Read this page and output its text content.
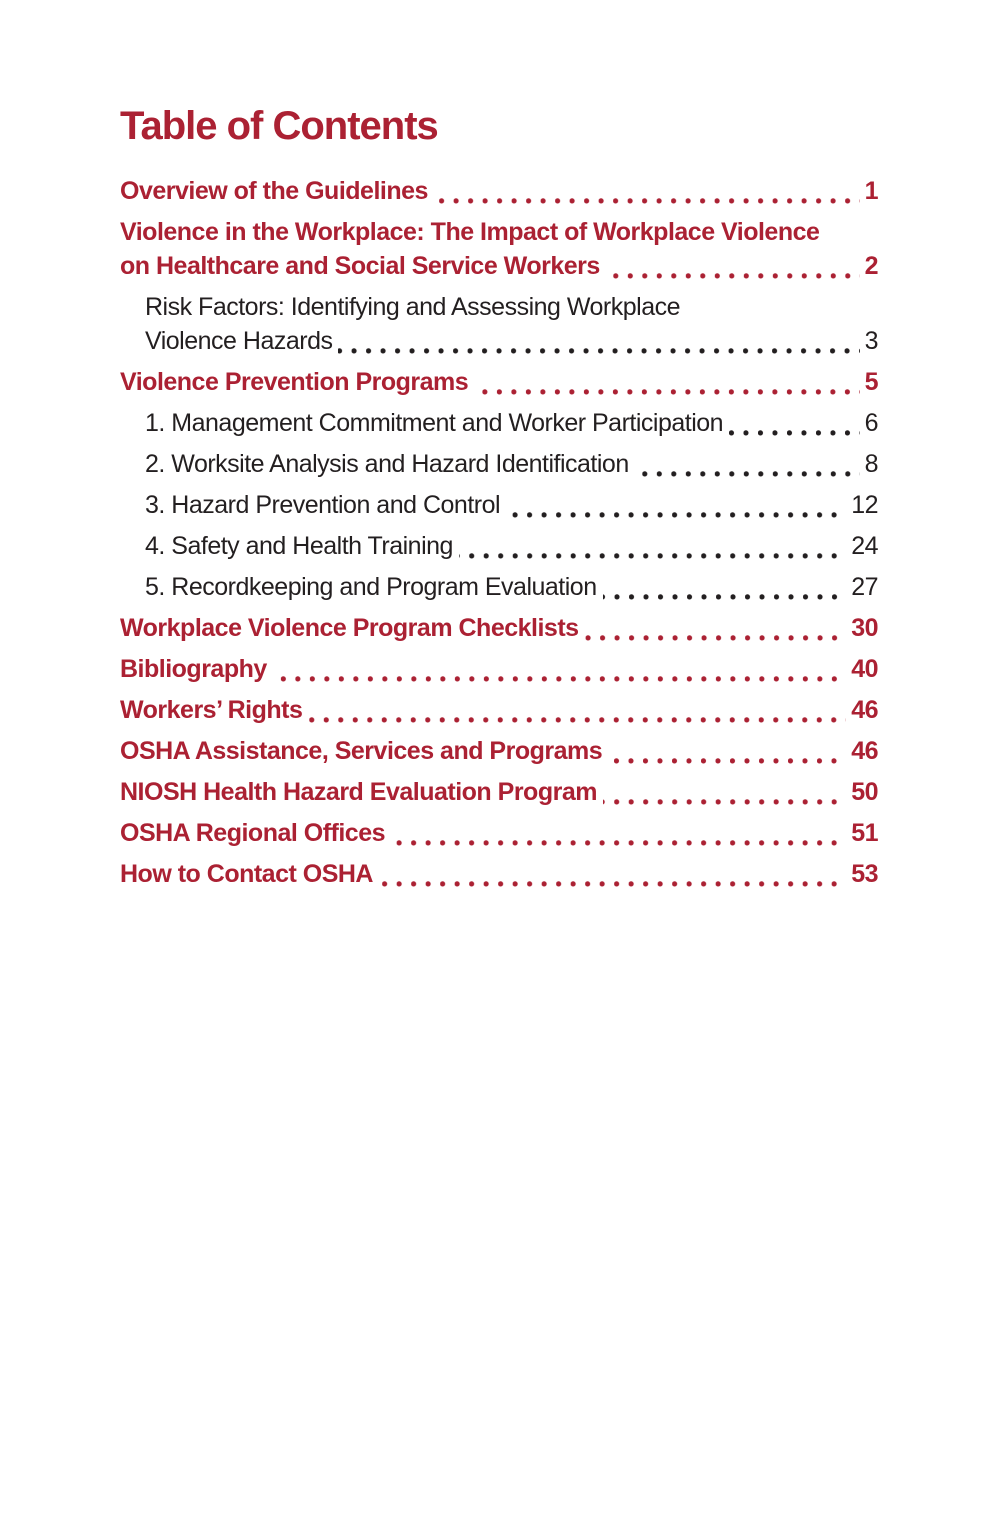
Table of Contents
Overview of the Guidelines	1
Violence in the Workplace: The Impact of Workplace Violence
on Healthcare and Social Service Workers	2
Risk Factors: Identifying and Assessing Workplace
Violence Hazards	3
Violence Prevention Programs	5
1. Management Commitment and Worker Participation	6
2. Worksite Analysis and Hazard Identification	8
3. Hazard Prevention and Control	12
4. Safety and Health Training	24
5. Recordkeeping and Program Evaluation	27
Workplace Violence Program Checklists	30
Bibliography	40
Workers’ Rights	46
OSHA Assistance, Services and Programs	46
NIOSH Health Hazard Evaluation Program	50
OSHA Regional Offices	51
How to Contact OSHA	53
